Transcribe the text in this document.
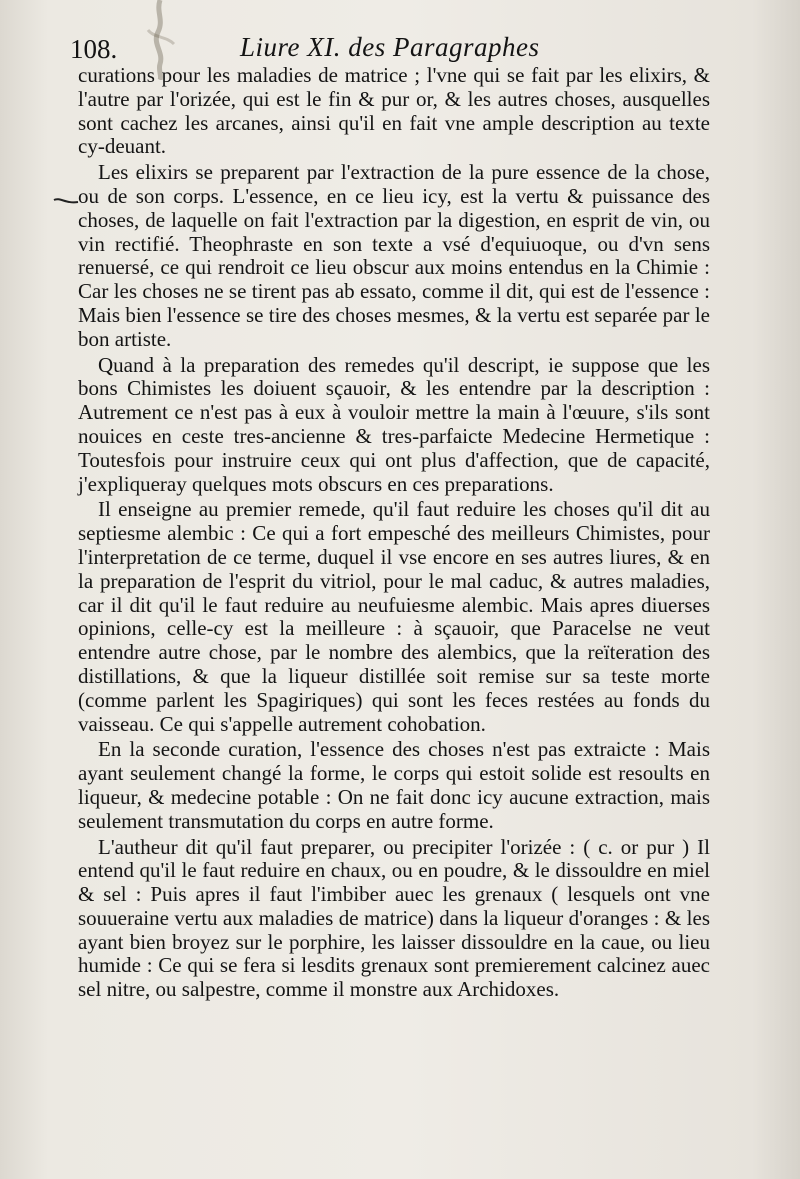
108.	Liure XI. des Paragraphes

curations pour les maladies de matrice ; l'vne qui se fait par les elixirs, & l'autre par l'orizée, qui est le fin & pur or, & les autres choses, ausquelles sont cachez les arcanes, ainsi qu'il en fait vne ample description au texte cy-deuant.

Les elixirs se preparent par l'extraction de la pure essence de la chose, ou de son corps. L'essence, en ce lieu icy, est la vertu & puissance des choses, de laquelle on fait l'extraction par la digestion, en esprit de vin, ou vin rectifié. Theophraste en son texte a vsé d'equiuoque, ou d'vn sens renuersé, ce qui rendroit ce lieu obscur aux moins entendus en la Chimie : Car les choses ne se tirent pas ab essato, comme il dit, qui est de l'essence : Mais bien l'essence se tire des choses mesmes, & la vertu est separée par le bon artiste.

Quand à la preparation des remedes qu'il descript, ie suppose que les bons Chimistes les doiuent sçauoir, & les entendre par la description : Autrement ce n'est pas à eux à vouloir mettre la main à l'œuure, s'ils sont nouices en ceste tres-ancienne & tres-parfaicte Medecine Hermetique : Toutesfois pour instruire ceux qui ont plus d'affection, que de capacité, j'expliqueray quelques mots obscurs en ces preparations.

Il enseigne au premier remede, qu'il faut reduire les choses qu'il dit au septiesme alembic : Ce qui a fort empesché des meilleurs Chimistes, pour l'interpretation de ce terme, duquel il vse encore en ses autres liures, & en la preparation de l'esprit du vitriol, pour le mal caduc, & autres maladies, car il dit qu'il le faut reduire au neufuiesme alembic. Mais apres diuerses opinions, celle-cy est la meilleure : à sçauoir, que Paracelse ne veut entendre autre chose, par le nombre des alembics, que la reïteration des distillations, & que la liqueur distillée soit remise sur sa teste morte (comme parlent les Spagiriques) qui sont les feces restées au fonds du vaisseau. Ce qui s'appelle autrement cohobation.

En la seconde curation, l'essence des choses n'est pas extraicte : Mais ayant seulement changé la forme, le corps qui estoit solide est resoults en liqueur, & medecine potable : On ne fait donc icy aucune extraction, mais seulement transmutation du corps en autre forme.

L'autheur dit qu'il faut preparer, ou precipiter l'orizée : ( c. or pur ) Il entend qu'il le faut reduire en chaux, ou en poudre, & le dissouldre en miel & sel : Puis apres il faut l'imbiber auec les grenaux ( lesquels ont vne souueraine vertu aux maladies de matrice) dans la liqueur d'oranges : & les ayant bien broyez sur le porphire, les laisser dissouldre en la caue, ou lieu humide : Ce qui se fera si lesdits grenaux sont premierement calcinez auec sel nitre, ou salpestre, comme il monstre aux Archidoxes.
